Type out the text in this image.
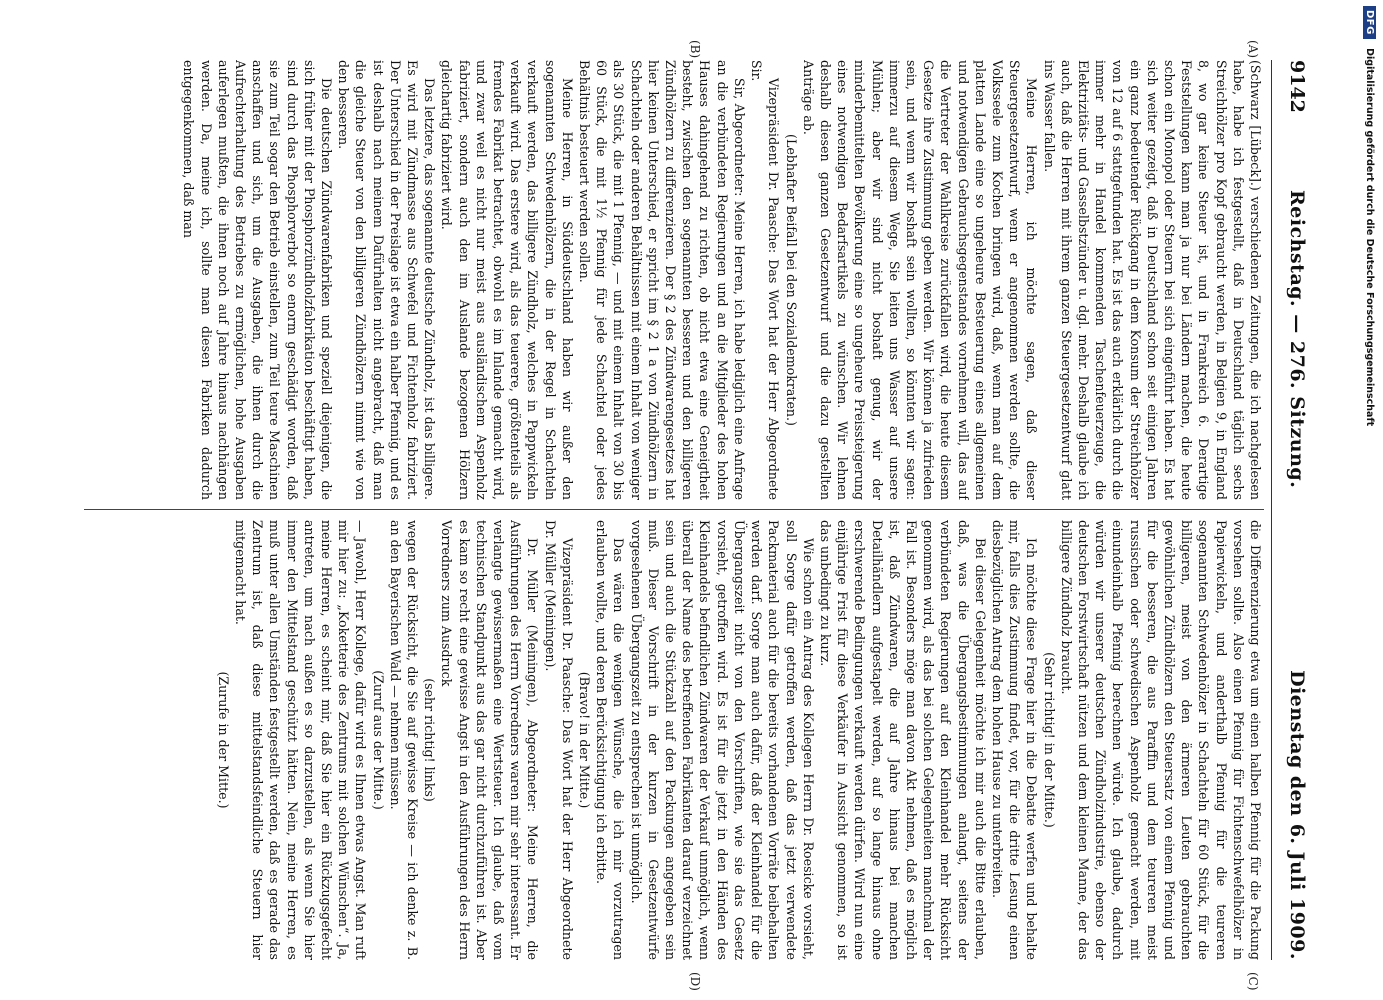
9142
Reichstag. — 276. Sitzung.
Dienstag den 6. Juli 1909.
(A)
(B)
(C)
(D)

(Schwarz [Lübeck].) verschiedenen Zeitungen, die ich nachgelesen habe, habe ich festgestellt, daß in Deutschland täglich sechs Streichhölzer pro Kopf gebraucht werden, in Belgien 9, in England 8, wo gar keine Steuer ist, und in Frankreich 6. Derartige Feststellungen kann man ja nur bei Ländern machen, die heute schon ein Monopol oder Steuern bei sich eingeführt haben. Es hat sich weiter gezeigt, daß in Deutschland schon seit einigen Jahren ein ganz bedeutender Rückgang in dem Konsum der Streichhölzer von 12 auf 6 stattgefunden hat. Es ist das auch erklärlich durch die immer mehr in Handel kommenden Taschenfeuerzeuge, die Elektrizitäts- und Gasselbstzünder u. dgl. mehr. Deshalb glaube ich auch, daß die Herren mit ihrem ganzen Steuergesetzentwurf glatt ins Wasser fallen.

Meine Herren, ich möchte sagen, daß dieser Steuergesetzentwurf, wenn er angenommen werden sollte, die Volksseele zum Kochen bringen wird, daß, wenn man auf dem platten Lande eine so ungeheure Besteuerung eines allgemeinen und notwendigen Gebrauchsgegenstandes vornehmen will, das auf die Vertreter der Wahlkreise zurückfallen wird, die heute diesem Gesetze ihre Zustimmung geben werden. Wir können ja zufrieden sein, und wenn wir boshaft sein wollten, so könnten wir sagen: immerzu auf diesem Wege, Sie leiten uns Wasser auf unsere Mühlen; aber wir sind nicht boshaft genug, wir der minderbemittelten Bevölkerung eine so ungeheure Preissteigerung eines notwendigen Bedarfsartikels zu wünschen. Wir lehnen deshalb diesen ganzen Gesetzentwurf und die dazu gestellten Anträge ab.

(Lebhafter Beifall bei den Sozialdemokraten.)

Vizepräsident Dr. Paasche: Das Wort hat der Herr Abgeordnete Sir.

Sir, Abgeordneter: Meine Herren, ich habe lediglich eine Anfrage an die verbündeten Regierungen und an die Mitglieder des hohen Hauses dahingehend zu richten, ob nicht etwa eine Geneigtheit besteht, zwischen den sogenannten besseren und den billigeren Zündhölzern zu differenzieren. Der § 2 des Zündwarengesetzes hat hier keinen Unterschied, er spricht im § 2 1 a von Zündhölzern in Schachteln oder anderen Behältnissen mit einem Inhalt von weniger als 30 Stück, die mit 1 Pfennig, — und mit einem Inhalt von 30 bis 60 Stück, die mit 1½ Pfennig für jede Schachtel oder jedes Behältnis besteuert werden sollen.

Meine Herren, in Süddeutschland haben wir außer den sogenannten Schwedenhölzern, die in der Regel in Schachteln verkauft werden, das billigere Zündholz, welches in Pappwickeln verkauft wird. Das erstere wird, als das teuerere, größtenteils als fremdes Fabrikat betrachtet, obwohl es im Inlande gemacht wird, und zwar weil es nicht nur meist aus ausländischem Aspenholz fabriziert, sondern auch den im Auslande bezogenen Hölzern gleichartig fabriziert wird.

Das letztere, das sogenannte deutsche Zündholz, ist das billigere. Es wird mit Zündmasse aus Schwefel und Fichtenholz fabriziert. Der Unterschied in der Preislage ist etwa ein halber Pfennig, und es ist deshalb nach meinem Dafürhalten nicht angebracht, daß man die gleiche Steuer von den billigeren Zündhölzern nimmt wie von den besseren.

Die deutschen Zündwarenfabriken und speziell diejenigen, die sich früher mit der Phosphorzündholzfabrikation beschäftigt haben, sind durch das Phosphorverbot so enorm geschädigt worden, daß sie zum Teil sogar den Betrieb einstellen, zum Teil teure Maschinen anschaffen und sich, um die Ausgaben, die ihnen durch die Aufrechterhaltung des Betriebes zu ermöglichen, hohe Ausgaben auferlegen mußten, die ihnen noch auf Jahre hinaus nachhängen werden. Da, meine ich, sollte man diesen Fabriken dadurch entgegenkommen, daß man

die Differenzierung etwa um einen halben Pfennig für die Packung vorsehen sollte. Also einen Pfennig für Fichtenschwefelhölzer in Papierwickeln, und anderthalb Pfennig für die teureren sogenannten Schwedenhölzer in Schachteln für 60 Stück, für die billigeren, meist von den ärmeren Leuten gebrauchten gewöhnlichen Zündhölzern den Steuersatz von einem Pfennig und für die besseren, die aus Paraffin und dem teureren meist russischen oder schwedischen Aspenholz gemacht werden, mit einundeinhalb Pfennig berechnen würde. Ich glaube, dadurch würden wir unserer deutschen Zündholzindustrie, ebenso der deutschen Forstwirtschaft nützen und dem kleinen Manne, der das billigere Zündholz braucht.

(Sehr richtig! in der Mitte.)

Ich möchte diese Frage hier in die Debatte werfen und behalte mir, falls dies Zustimmung findet, vor, für die dritte Lesung einen diesbezüglichen Antrag dem hohen Hause zu unterbreiten.

Bei dieser Gelegenheit möchte ich mir auch die Bitte erlauben, daß, was die Übergangsbestimmungen anlangt, seitens der verbündeten Regierungen auf den Kleinhandel mehr Rücksicht genommen wird, als das bei solchen Gelegenheiten manchmal der Fall ist. Besonders möge man davon Akt nehmen, daß es möglich ist, daß Zündwaren, die auf Jahre hinaus bei manchen Detailhändlern aufgestapelt werden, auf so lange hinaus ohne erschwerende Bedingungen verkauft werden dürfen. Wird nun eine einjährige Frist für diese Verkäufer in Aussicht genommen, so ist das unbedingt zu kurz.

Wie schon ein Antrag des Kollegen Herrn Dr. Roesicke vorsieht, soll Sorge dafür getroffen werden, daß das jetzt verwendete Packmaterial auch für die bereits vorhandenen Vorräte beibehalten werden darf. Sorge man auch dafür, daß der Kleinhandel für die Übergangszeit nicht von den Vorschriften, wie sie das Gesetz vorsieht, getroffen wird. Es ist für die jetzt in den Händen des Kleinhandels befindlichen Zündwaren der Verkauf unmöglich, wenn überall der Name des betreffenden Fabrikanten darauf verzeichnet sein und auch die Stückzahl auf den Packungen angegeben sein muß. Dieser Vorschrift in der kurzen in Gesetzentwürfe vorgesehenen Übergangszeit zu entsprechen ist unmöglich.

Das wären die wenigen Wünsche, die ich mir vorzutragen erlauben wollte, und deren Berücksichtigung ich erbitte.

(Bravo! in der Mitte.)

Vizepräsident Dr. Paasche: Das Wort hat der Herr Abgeordnete Dr. Müller (Meiningen).

Dr. Müller (Meiningen), Abgeordneter: Meine Herren, die Ausführungen des Herrn Vorredners waren mir sehr interessant. Er verlangte gewissermaßen eine Wertsteuer. Ich glaube, daß vom technischen Standpunkt aus das gar nicht durchzuführen ist. Aber es kam so recht eine gewisse Angst in den Ausführungen des Herrn Vorredners zum Ausdruck

(sehr richtig! links)

wegen der Rücksicht, die Sie auf gewisse Kreise — ich denke z. B. an den Bayerischen Wald — nehmen müssen.

(Zuruf aus der Mitte.)

— Jawohl, Herr Kollege, dafür wird es Ihnen etwas Angst. Man ruft mir hier zu: „Koketterie des Zentrums mit solchen Wünschen“. Ja, meine Herren, es scheint mir, daß Sie hier ein Rückzugsgefecht antreten, um nach außen es so darzustellen, als wenn Sie hier immer den Mittelstand geschützt hätten. Nein, meine Herren, es muß unter allen Umständen festgestellt werden, daß es gerade das Zentrum ist, daß diese mittelstandsfeindliche Steuern hier mitgemacht hat.

(Zurufe in der Mitte.)

DFG Digitalisierung gefördert durch die Deutsche Forschungsgemeinschaft
